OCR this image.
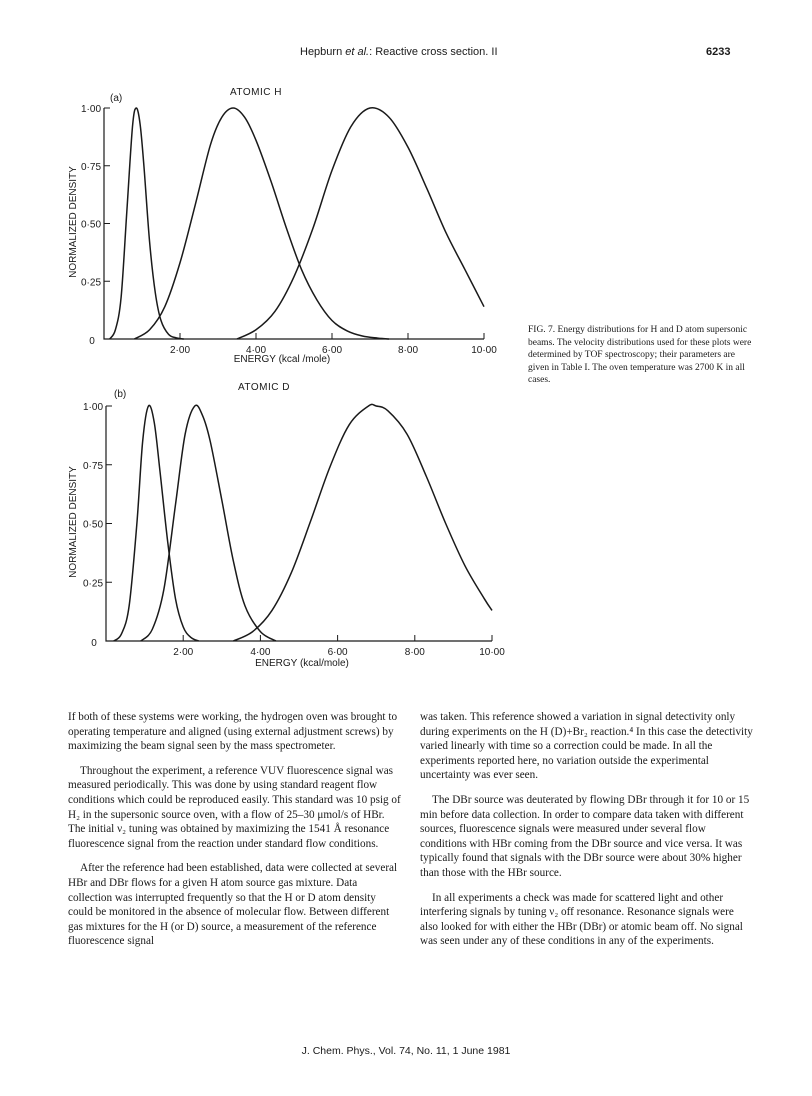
Hepburn et al.: Reactive cross section. II	6233
(a)
ATOMIC H
NORMALIZED DENSITY
ENERGY (kcal /mole)
0
2·00	4·00	6·00	8·00	10·00
0·25
0·50
0·75
1·00
(b)
ATOMIC D
NORMALIZED DENSITY
ENERGY (kcal/mole)
0
2·00	4·00	6·00	8·00	10·00
0·25
0·50
0·75
1·00
FIG. 7. Energy distributions for H and D atom supersonic beams. The velocity distributions used for these plots were determined by TOF spectroscopy; their parameters are given in Table I. The oven temperature was 2700 K in all cases.

If both of these systems were working, the hydrogen oven was brought to operating temperature and aligned (using external adjustment screws) by maximizing the beam signal seen by the mass spectrometer.

Throughout the experiment, a reference VUV fluorescence signal was measured periodically. This was done by using standard reagent flow conditions which could be reproduced easily. This standard was 10 psig of H₂ in the supersonic source oven, with a flow of 25–30 μmol/s of HBr. The initial ν₂ tuning was obtained by maximizing the 1541 Å resonance fluorescence signal from the reaction under standard flow conditions.

After the reference had been established, data were collected at several HBr and DBr flows for a given H atom source gas mixture. Data collection was interrupted frequently so that the H or D atom density could be monitored in the absence of molecular flow. Between different gas mixtures for the H (or D) source, a measurement of the reference fluorescence signal

was taken. This reference showed a variation in signal detectivity only during experiments on the H (D)+Br₂ reaction.⁴ In this case the detectivity varied linearly with time so a correction could be made. In all the experiments reported here, no variation outside the experimental uncertainty was ever seen.

The DBr source was deuterated by flowing DBr through it for 10 or 15 min before data collection. In order to compare data taken with different sources, fluorescence signals were measured under several flow conditions with HBr coming from the DBr source and vice versa. It was typically found that signals with the DBr source were about 30% higher than those with the HBr source.

In all experiments a check was made for scattered light and other interfering signals by tuning ν₂ off resonance. Resonance signals were also looked for with either the HBr (DBr) or atomic beam off. No signal was seen under any of these conditions in any of the experiments.

J. Chem. Phys., Vol. 74, No. 11, 1 June 1981
